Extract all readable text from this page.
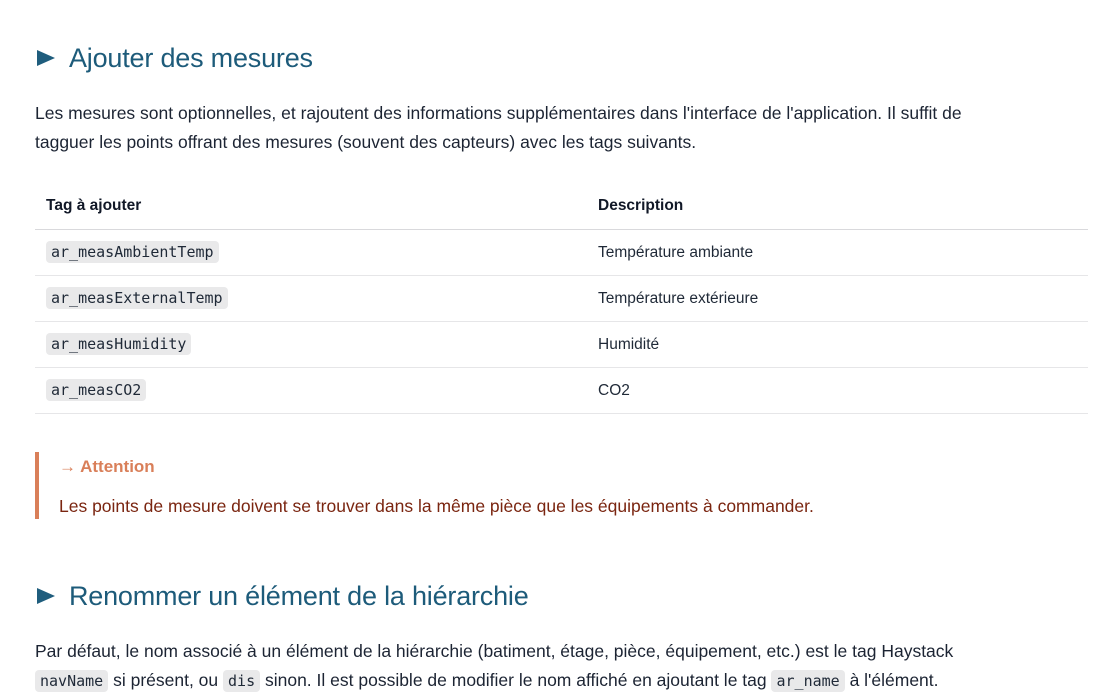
Ajouter des mesures

Les mesures sont optionnelles, et rajoutent des informations supplémentaires dans l'interface de l'application. Il suffit de

tagguer les points offrant des mesures (souvent des capteurs) avec les tags suivants.

Tag à ajouter	Description
ar_measAmbientTemp	Température ambiante
ar_measExternalTemp	Température extérieure
ar_measHumidity	Humidité
ar_measCO2	CO2
→ Attention
Les points de mesure doivent se trouver dans la même pièce que les équipements à commander.
Renommer un élément de la hiérarchie

Par défaut, le nom associé à un élément de la hiérarchie (batiment, étage, pièce, équipement, etc.) est le tag Haystack

navName si présent, ou dis sinon. Il est possible de modifier le nom affiché en ajoutant le tag ar_name à l'élément.
